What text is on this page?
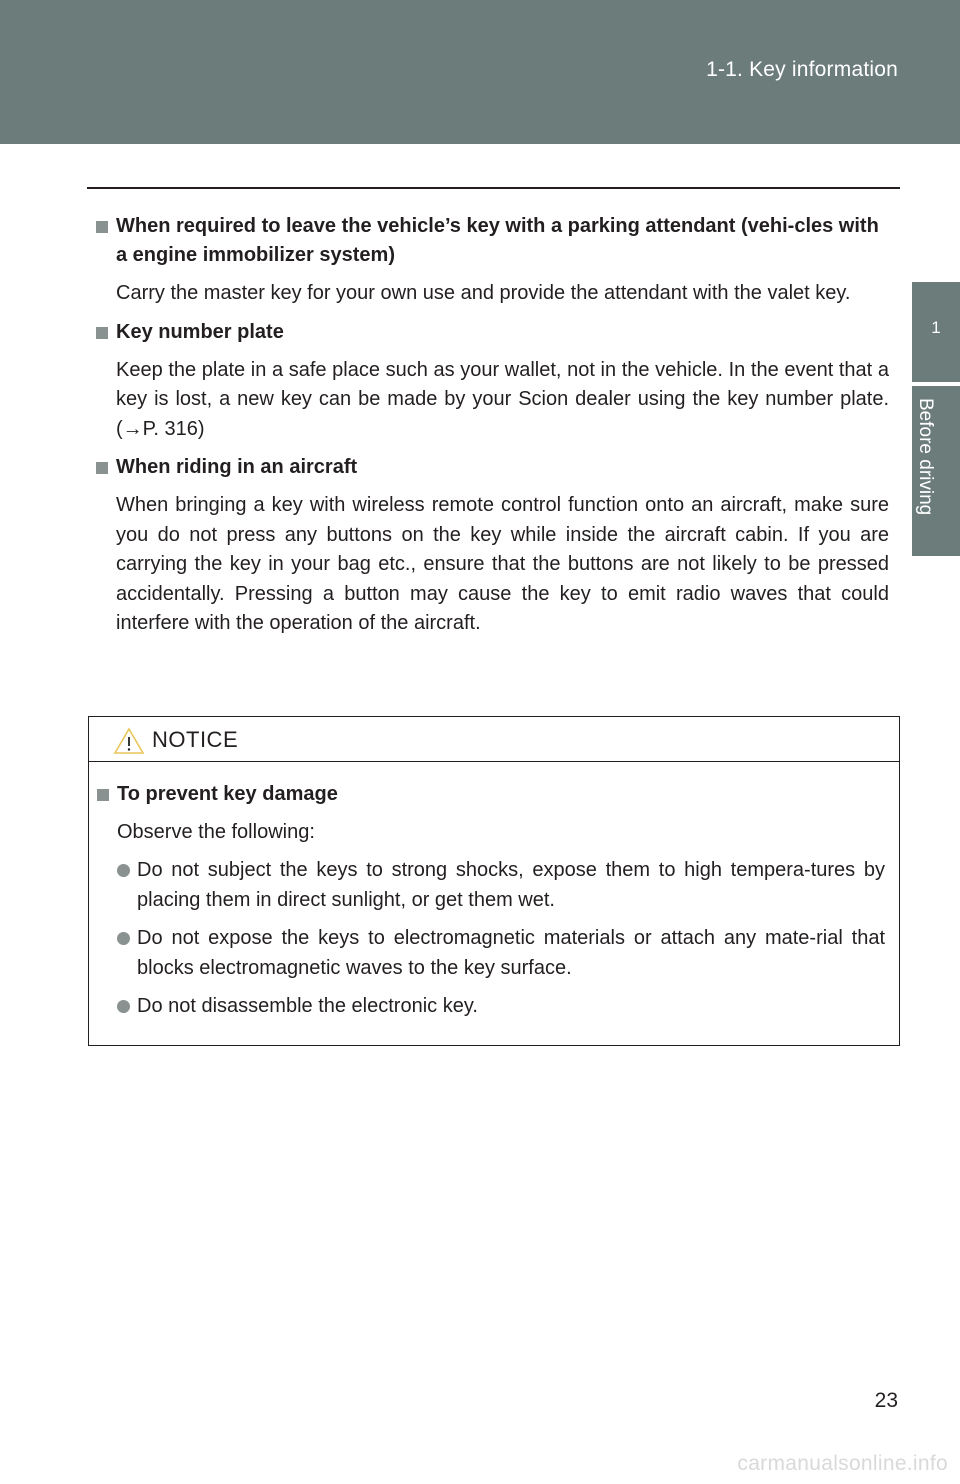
1-1. Key information
1
Before driving
When required to leave the vehicle’s key with a parking attendant (vehi-cles with a engine immobilizer system)
Carry the master key for your own use and provide the attendant with the valet key.
Key number plate
Keep the plate in a safe place such as your wallet, not in the vehicle. In the event that a key is lost, a new key can be made by your Scion dealer using the key number plate. (→P. 316)
When riding in an aircraft
When bringing a key with wireless remote control function onto an aircraft, make sure you do not press any buttons on the key while inside the aircraft cabin. If you are carrying the key in your bag etc., ensure that the buttons are not likely to be pressed accidentally. Pressing a button may cause the key to emit radio waves that could interfere with the operation of the aircraft.
NOTICE
To prevent key damage
Observe the following:
Do not subject the keys to strong shocks, expose them to high tempera-tures by placing them in direct sunlight, or get them wet.
Do not expose the keys to electromagnetic materials or attach any mate-rial that blocks electromagnetic waves to the key surface.
Do not disassemble the electronic key.
23
carmanualsonline.info
